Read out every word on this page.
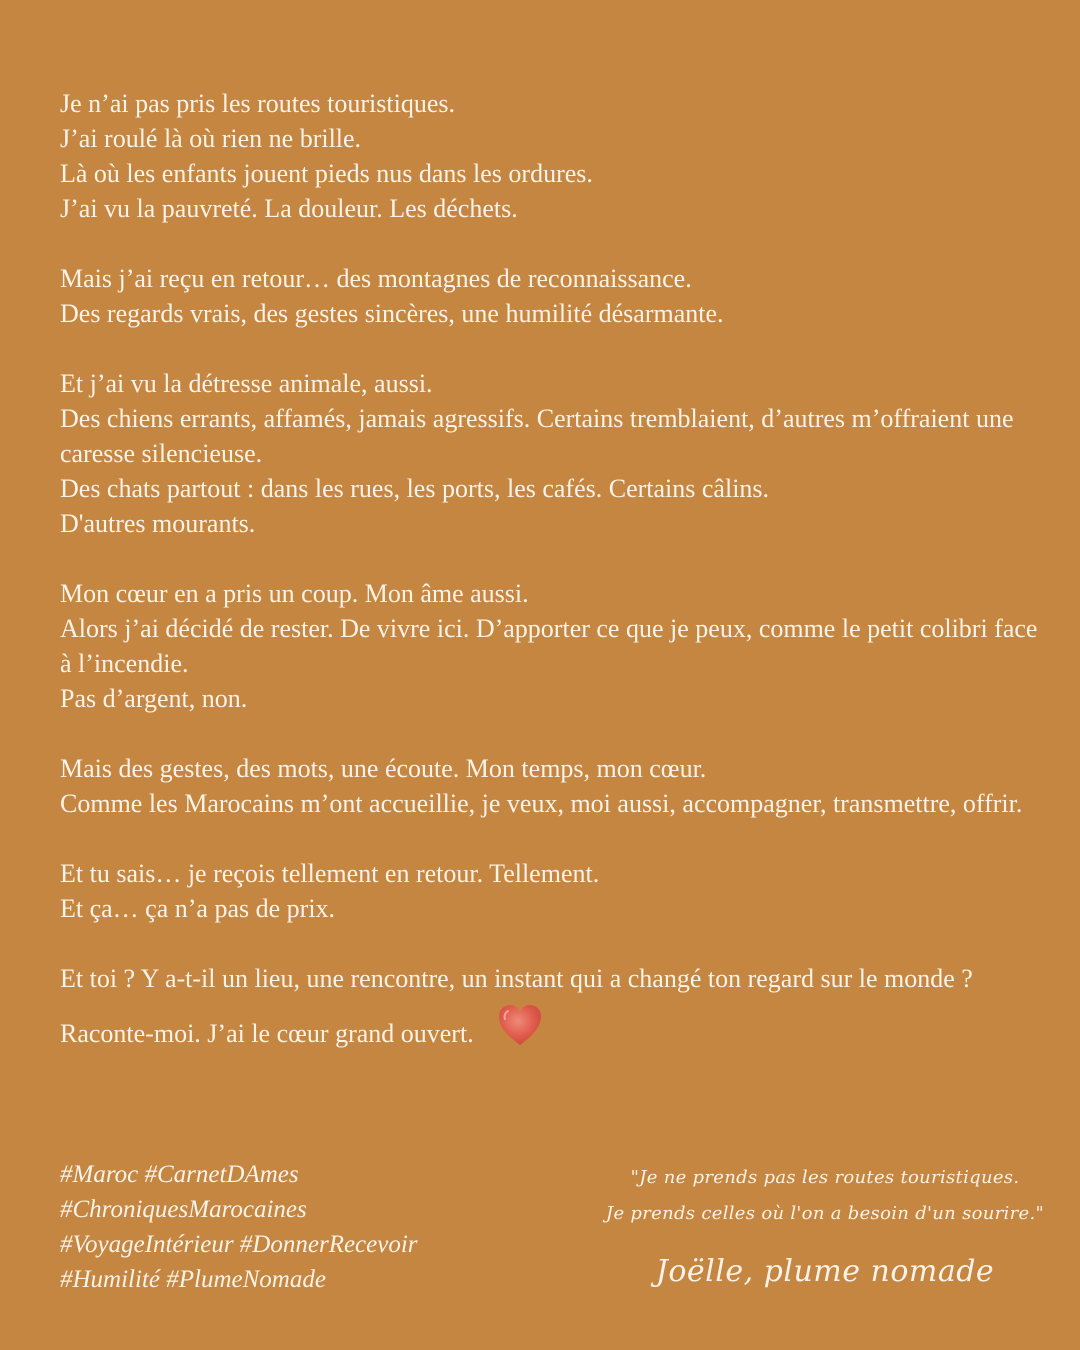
Je n’ai pas pris les routes touristiques.
J’ai roulé là où rien ne brille.
Là où les enfants jouent pieds nus dans les ordures.
J’ai vu la pauvreté. La douleur. Les déchets.
Mais j’ai reçu en retour… des montagnes de reconnaissance.
Des regards vrais, des gestes sincères, une humilité désarmante.
Et j’ai vu la détresse animale, aussi.
Des chiens errants, affamés, jamais agressifs. Certains tremblaient, d’autres m’offraient une caresse silencieuse.
Des chats partout : dans les rues, les ports, les cafés. Certains câlins.
D'autres mourants.
Mon cœur en a pris un coup. Mon âme aussi.
Alors j’ai décidé de rester. De vivre ici. D’apporter ce que je peux, comme le petit colibri face à l’incendie.
Pas d’argent, non.
Mais des gestes, des mots, une écoute. Mon temps, mon cœur.
Comme les Marocains m’ont accueillie, je veux, moi aussi, accompagner, transmettre, offrir.
Et tu sais… je reçois tellement en retour. Tellement.
Et ça… ça n’a pas de prix.
Et toi ? Y a-t-il un lieu, une rencontre, un instant qui a changé ton regard sur le monde ?
Raconte-moi. J’ai le cœur grand ouvert.
#Maroc #CarnetDAmes
#ChroniquesMarocaines
#VoyageIntérieur #DonnerRecevoir
#Humilité #PlumeNomade
"Je ne prends pas les routes touristiques.
Je prends celles où l'on a besoin d'un sourire."
Joëlle, plume nomade
